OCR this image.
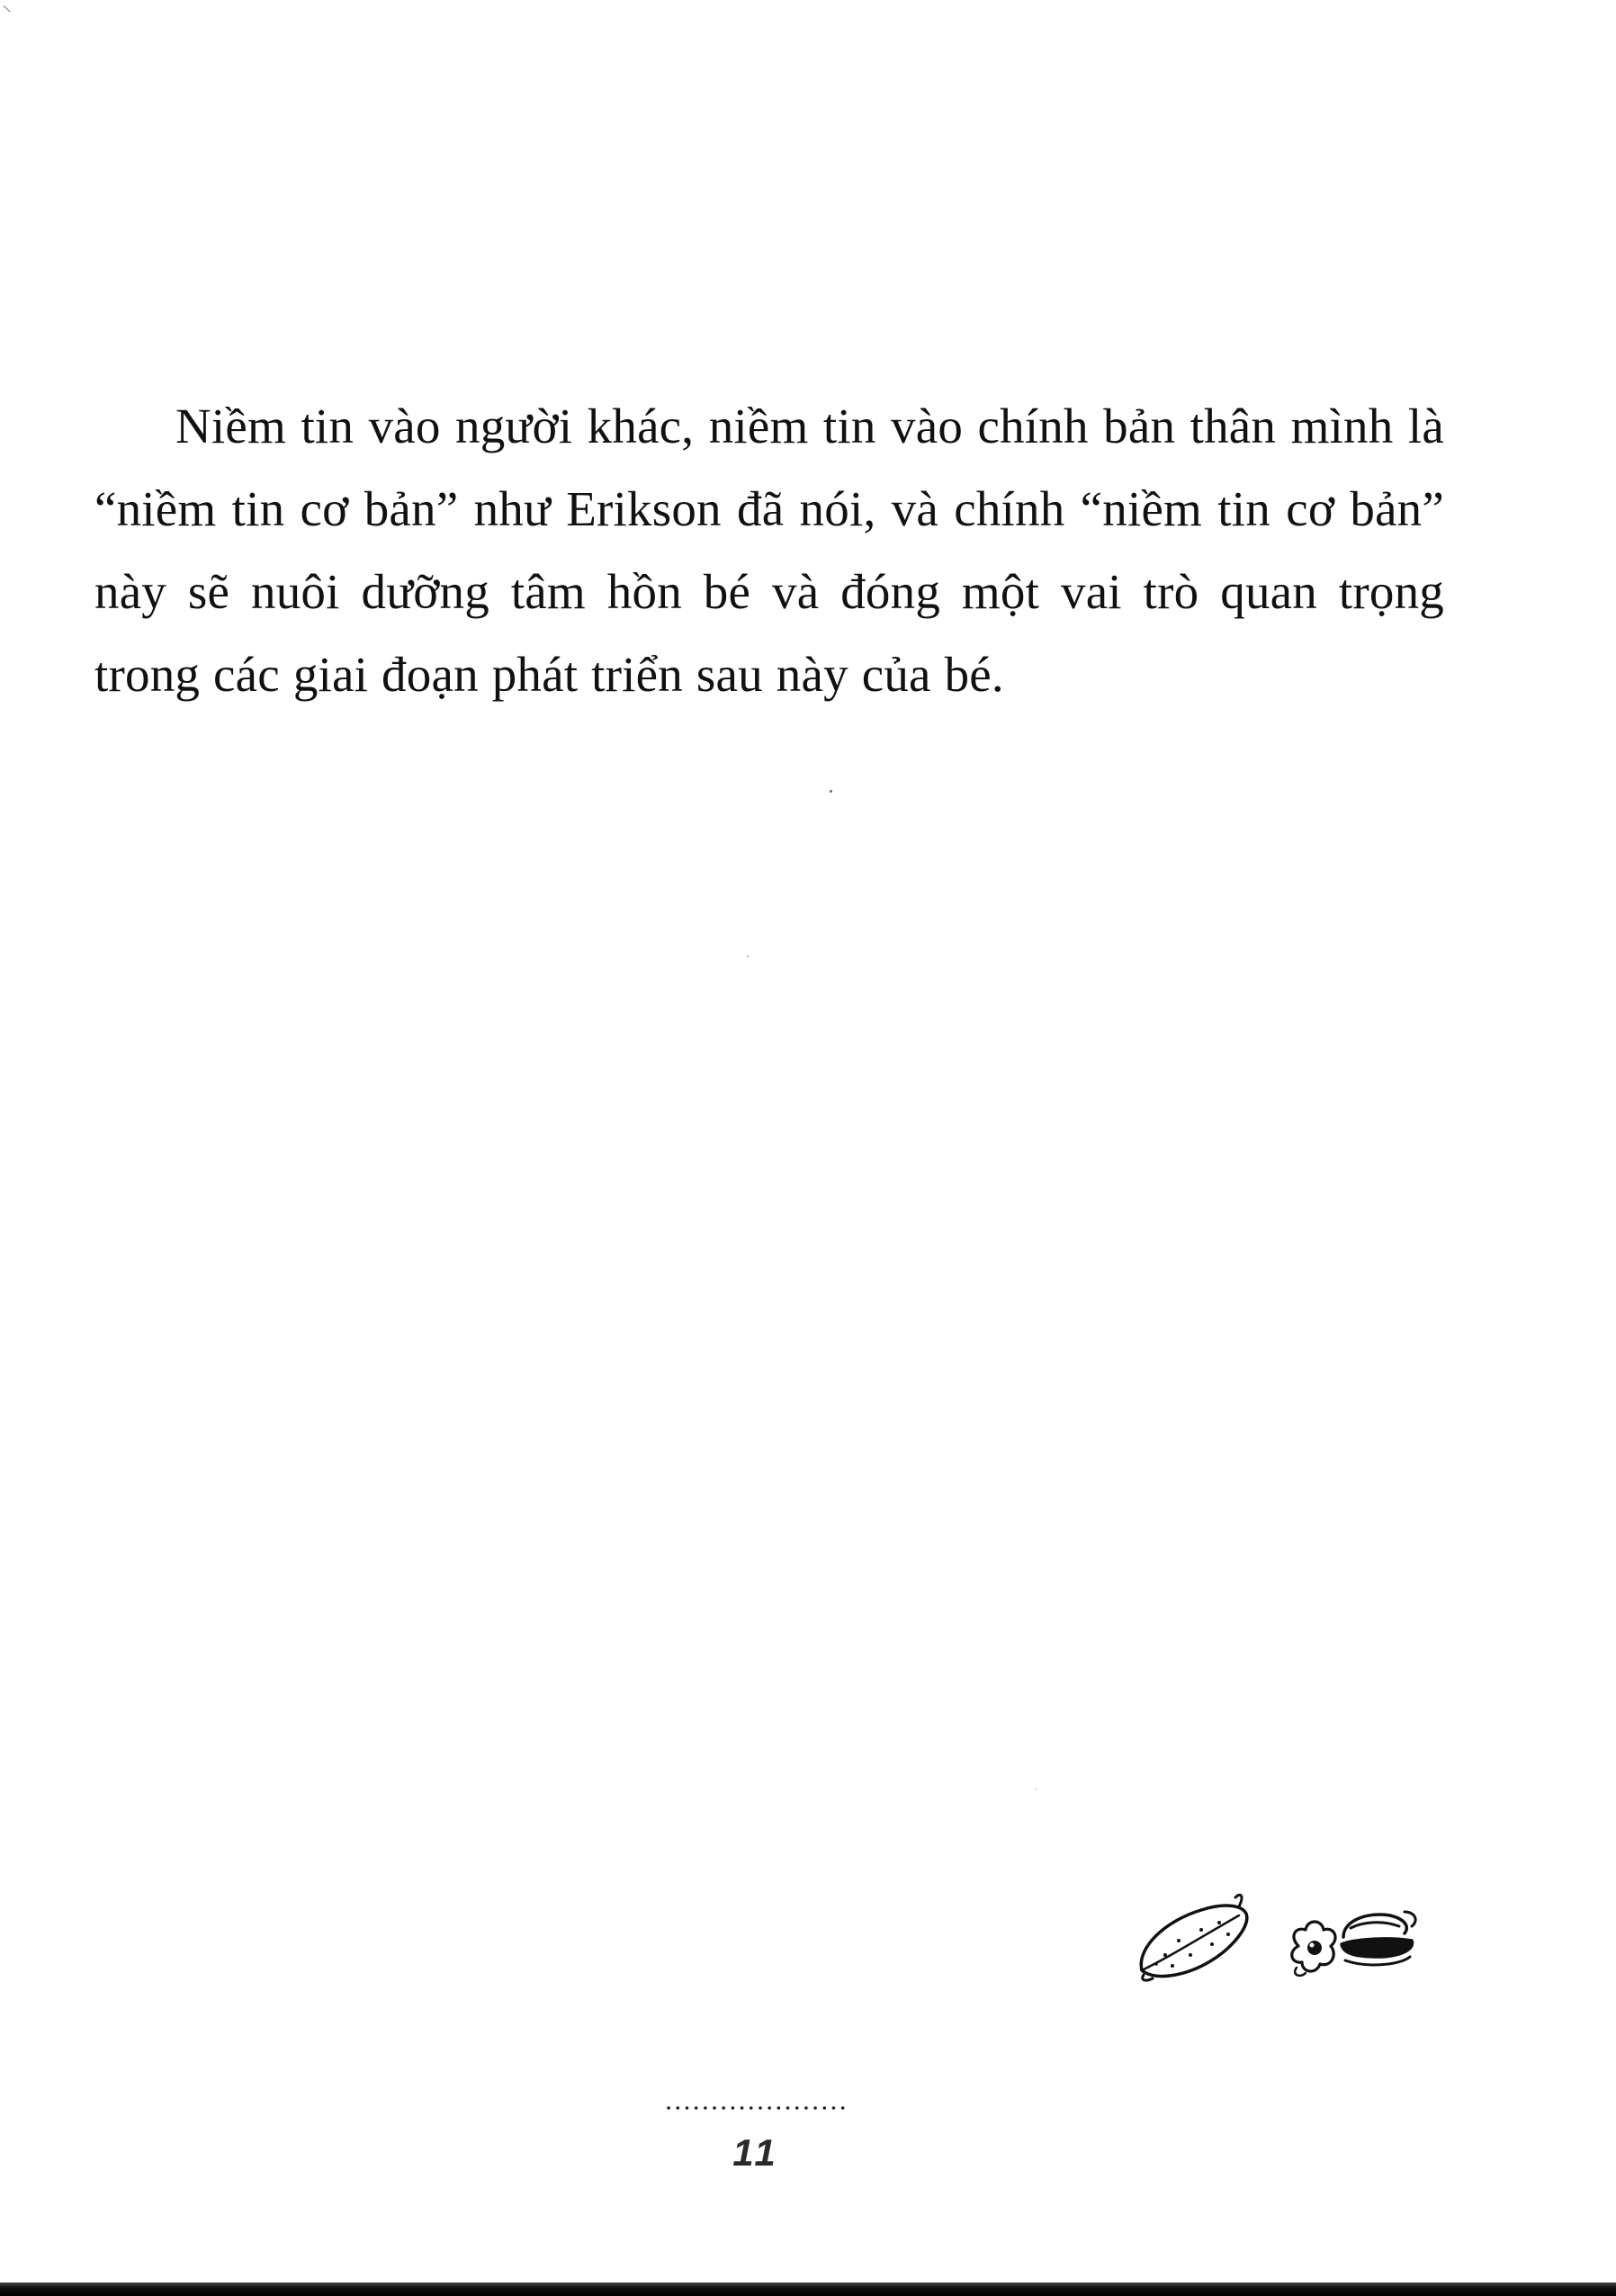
Niềm tin vào người khác, niềm tin vào chính bản thân mình là “niềm tin cơ bản” như Erikson đã nói, và chính “niềm tin cơ bản” này sẽ nuôi dưỡng tâm hồn bé và đóng một vai trò quan trọng trong các giai đoạn phát triển sau này của bé.

11
